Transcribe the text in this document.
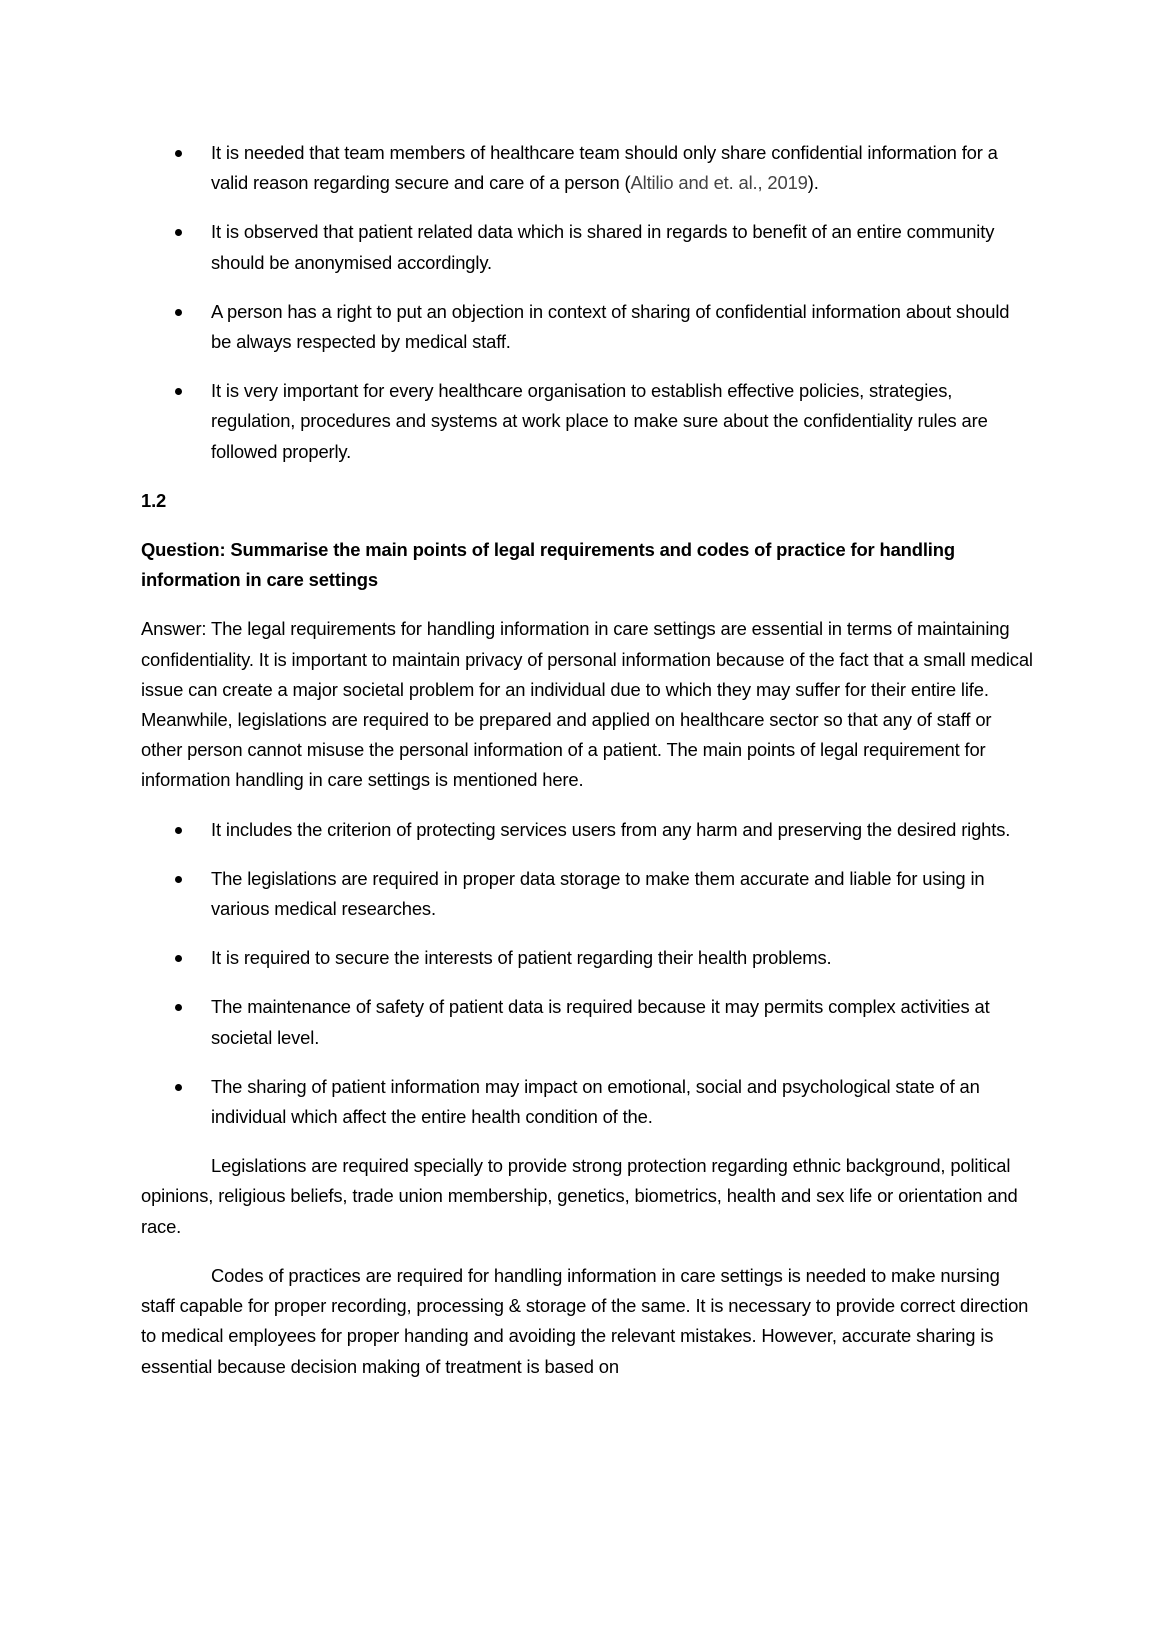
It is needed that team members of healthcare team should only share confidential information for a valid reason regarding secure and care of a person (Altilio and et. al., 2019).
It is observed that patient related data which is shared in regards to benefit of an entire community should be anonymised accordingly.
A person has a right to put an objection in context of sharing of confidential information about should be always respected by medical staff.
It is very important for every healthcare organisation to establish effective policies, strategies, regulation, procedures and systems at work place to make sure about the confidentiality rules are followed properly.

1.2

Question: Summarise the main points of legal requirements and codes of practice for handling information in care settings

Answer: The legal requirements for handling information in care settings are essential in terms of maintaining confidentiality. It is important to maintain privacy of personal information because of the fact that a small medical issue can create a major societal problem for an individual due to which they may suffer for their entire life. Meanwhile, legislations are required to be prepared and applied on healthcare sector so that any of staff or other person cannot misuse the personal information of a patient. The main points of legal requirement for information handling in care settings is mentioned here.

It includes the criterion of protecting services users from any harm and preserving the desired rights.
The legislations are required in proper data storage to make them accurate and liable for using in various medical researches.
It is required to secure the interests of patient regarding their health problems.
The maintenance of safety of patient data is required because it may permits complex activities at societal level.
The sharing of patient information may impact on emotional, social and psychological state of an individual which affect the entire health condition of the.

Legislations are required specially to provide strong protection regarding ethnic background, political opinions, religious beliefs, trade union membership, genetics, biometrics, health and sex life or orientation and race.

Codes of practices are required for handling information in care settings is needed to make nursing staff capable for proper recording, processing & storage of the same. It is necessary to provide correct direction to medical employees for proper handing and avoiding the relevant mistakes. However, accurate sharing is essential because decision making of treatment is based on
